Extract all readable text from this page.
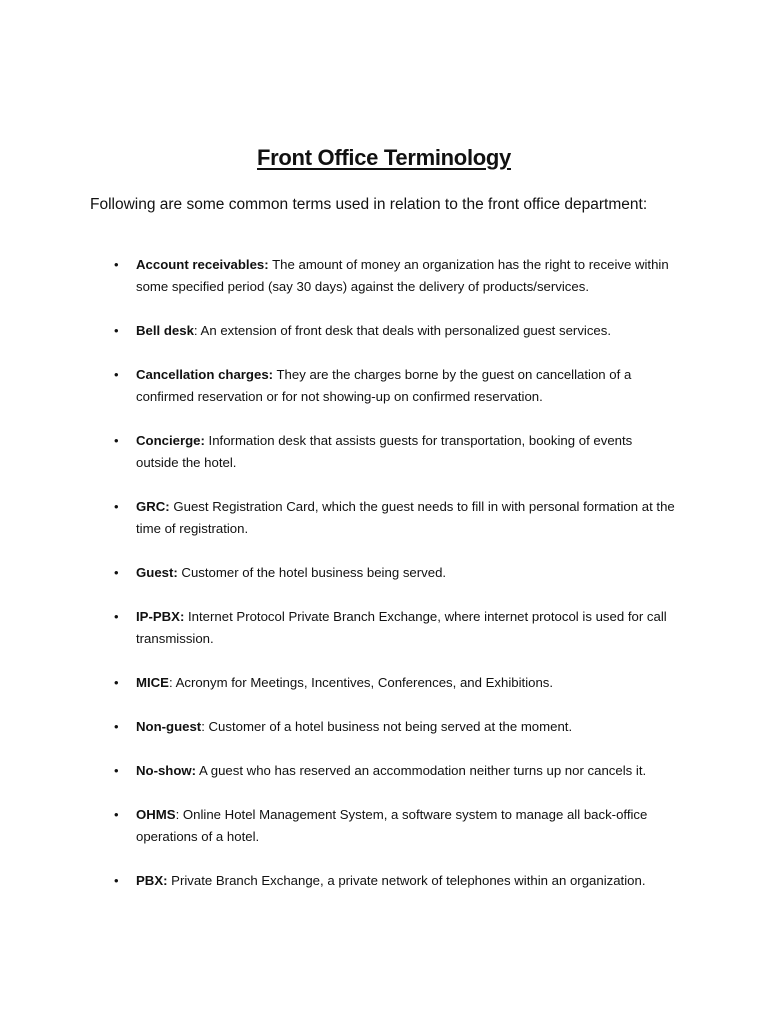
Front Office Terminology
Following are some common terms used in relation to the front office department:
• Account receivables: The amount of money an organization has the right to receive within some specified period (say 30 days) against the delivery of products/services.
• Bell desk: An extension of front desk that deals with personalized guest services.
• Cancellation charges: They are the charges borne by the guest on cancellation of a confirmed reservation or for not showing-up on confirmed reservation.
• Concierge: Information desk that assists guests for transportation, booking of events outside the hotel.
• GRC: Guest Registration Card, which the guest needs to fill in with personal formation at the time of registration.
• Guest: Customer of the hotel business being served.
• IP-PBX: Internet Protocol Private Branch Exchange, where internet protocol is used for call transmission.
• MICE: Acronym for Meetings, Incentives, Conferences, and Exhibitions.
• Non-guest: Customer of a hotel business not being served at the moment.
• No-show: A guest who has reserved an accommodation neither turns up nor cancels it.
• OHMS: Online Hotel Management System, a software system to manage all back-office operations of a hotel.
• PBX: Private Branch Exchange, a private network of telephones within an organization.
